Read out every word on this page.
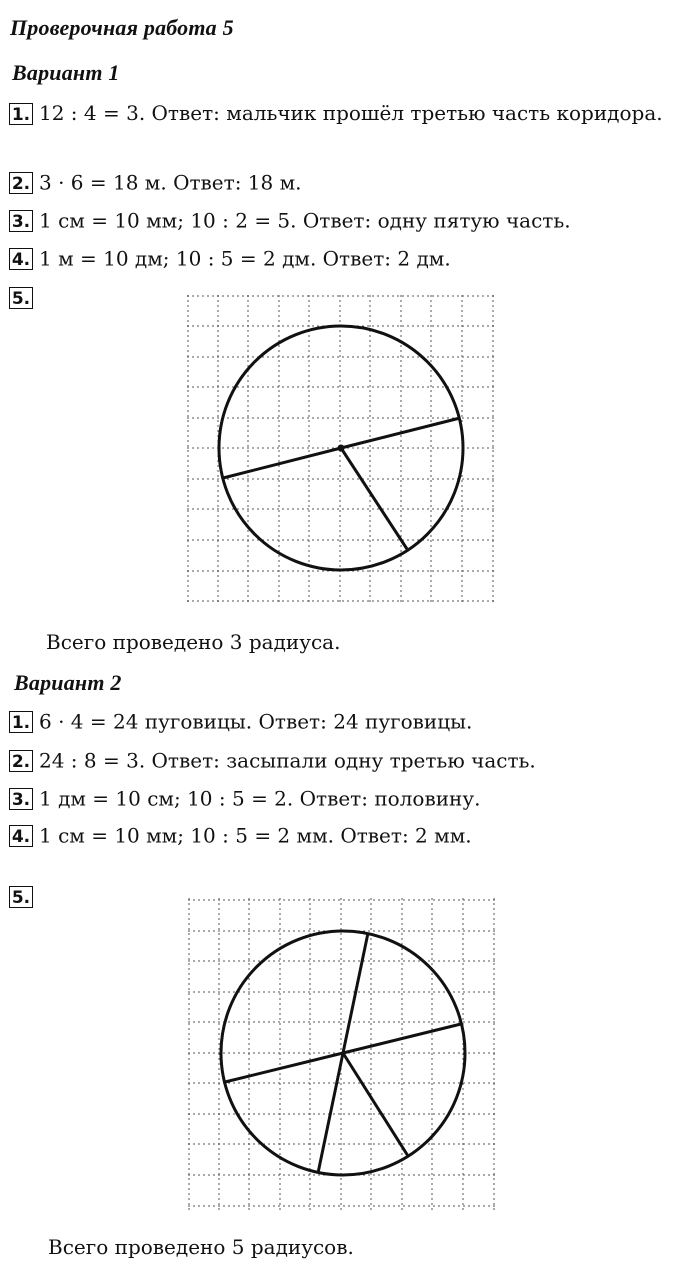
Проверочная работа 5
Вариант 1
1. 12 : 4 = 3. Ответ: мальчик прошёл третью часть коридора.
2. 3 · 6 = 18 м. Ответ: 18 м.
3. 1 см = 10 мм; 10 : 2 = 5. Ответ: одну пятую часть.
4. 1 м = 10 дм; 10 : 5 = 2 дм. Ответ: 2 дм.
5.

Всего проведено 3 радиуса.

Вариант 2
1. 6 · 4 = 24 пуговицы. Ответ: 24 пуговицы.
2. 24 : 8 = 3. Ответ: засыпали одну третью часть.
3. 1 дм = 10 см; 10 : 5 = 2. Ответ: половину.
4. 1 см = 10 мм; 10 : 5 = 2 мм. Ответ: 2 мм.
5.

Всего проведено 5 радиусов.
